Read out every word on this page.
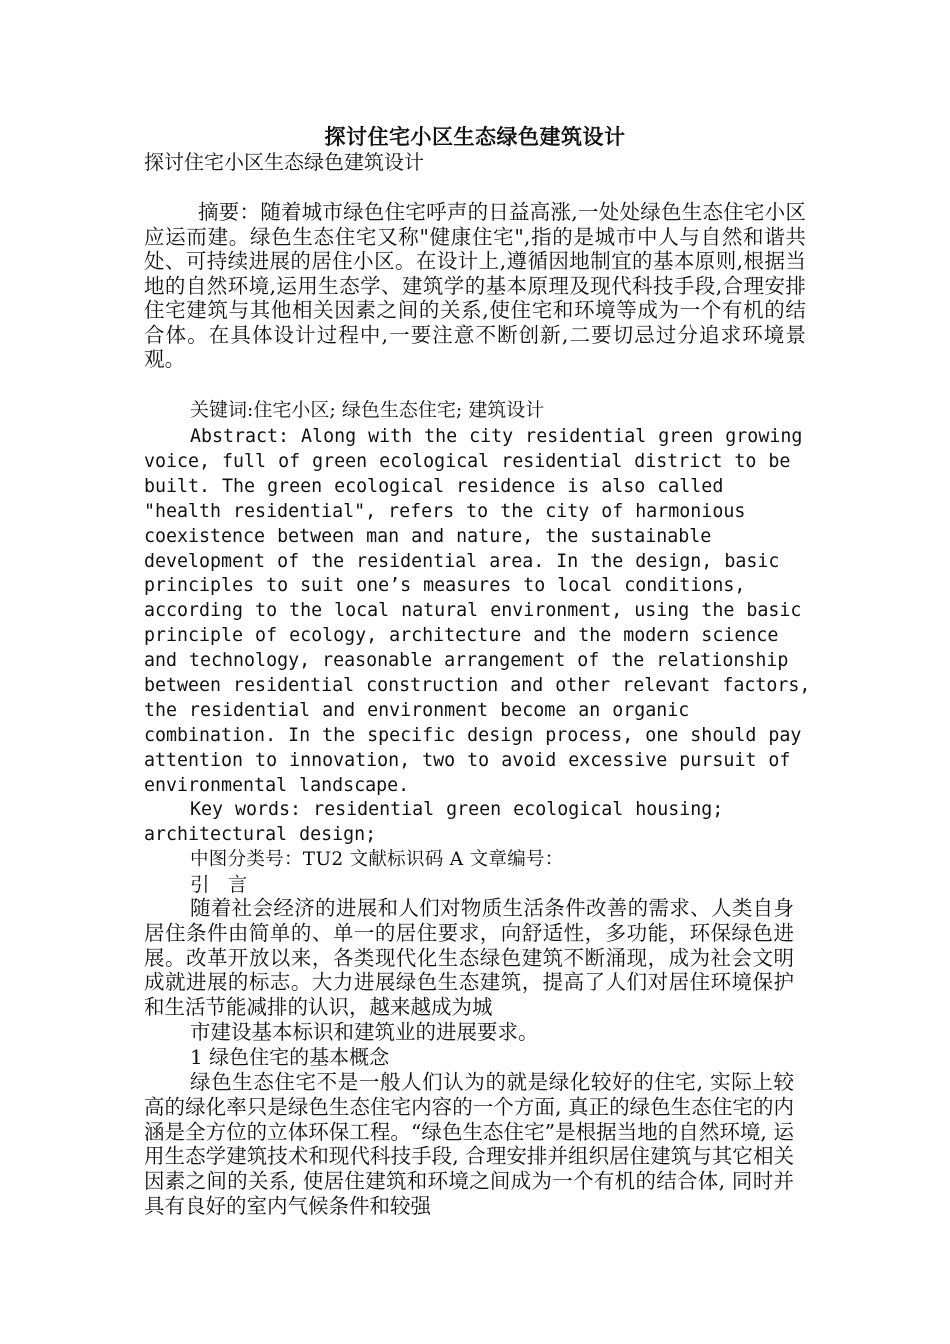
探讨住宅小区生态绿色建筑设计
探讨住宅小区生态绿色建筑设计
摘要：随着城市绿色住宅呼声的日益高涨,一处处绿色生态住宅小区应运而建。绿色生态住宅又称"健康住宅",指的是城市中人与自然和谐共处、可持续进展的居住小区。在设计上,遵循因地制宜的基本原则,根据当地的自然环境,运用生态学、建筑学的基本原理及现代科技手段,合理安排住宅建筑与其他相关因素之间的关系,使住宅和环境等成为一个有机的结合体。在具体设计过程中,一要注意不断创新,二要切忌过分追求环境景观。
关键词:住宅小区; 绿色生态住宅; 建筑设计
Abstract: Along with the city residential green growing voice, full of green ecological residential district to be built. The green ecological residence is also called "health residential", refers to the city of harmonious coexistence between man and nature, the sustainable development of the residential area. In the design, basic principles to suit one’s measures to local conditions, according to the local natural environment, using the basic principle of ecology, architecture and the modern science and technology, reasonable arrangement of the relationship between residential construction and other relevant factors, the residential and environment become an organic combination. In the specific design process, one should pay attention to innovation, two to avoid excessive pursuit of environmental landscape.
Key words: residential green ecological housing; architectural design;
中图分类号：TU2 文献标识码 A 文章编号：
引 言
随着社会经济的进展和人们对物质生活条件改善的需求、人类自身居住条件由简单的、单一的居住要求，向舒适性，多功能，环保绿色进展。改革开放以来，各类现代化生态绿色建筑不断涌现，成为社会文明成就进展的标志。大力进展绿色生态建筑，提高了人们对居住环境保护和生活节能减排的认识，越来越成为城
市建设基本标识和建筑业的进展要求。
1 绿色住宅的基本概念
绿色生态住宅不是一般人们认为的就是绿化较好的住宅, 实际上较高的绿化率只是绿色生态住宅内容的一个方面, 真正的绿色生态住宅的内涵是全方位的立体环保工程。“绿色生态住宅”是根据当地的自然环境, 运用生态学建筑技术和现代科技手段, 合理安排并组织居住建筑与其它相关因素之间的关系, 使居住建筑和环境之间成为一个有机的结合体, 同时并具有良好的室内气候条件和较强
